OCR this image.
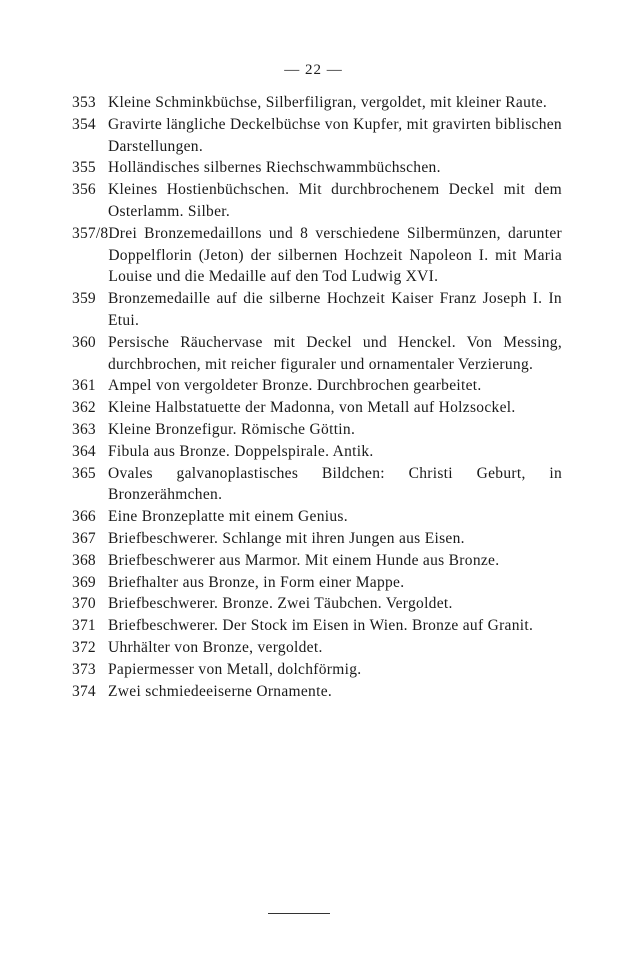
— 22 —
353 Kleine Schminkbüchse, Silberfiligran, vergoldet, mit kleiner Raute.
354 Gravirte längliche Deckelbüchse von Kupfer, mit gravirten biblischen Darstellungen.
355 Holländisches silbernes Riechschwammbüchschen.
356 Kleines Hostienbüchschen. Mit durchbrochenem Deckel mit dem Osterlamm. Silber.
357/8 Drei Bronzemedaillons und 8 verschiedene Silbermünzen, darunter Doppelflorin (Jeton) der silbernen Hochzeit Napoleon I. mit Maria Louise und die Medaille auf den Tod Ludwig XVI.
359 Bronzemedaille auf die silberne Hochzeit Kaiser Franz Joseph I. In Etui.
360 Persische Räuchervase mit Deckel und Henckel. Von Messing, durchbrochen, mit reicher figuraler und ornamentaler Verzierung.
361 Ampel von vergoldeter Bronze. Durchbrochen gearbeitet.
362 Kleine Halbstatuette der Madonna, von Metall auf Holzsockel.
363 Kleine Bronzefigur. Römische Göttin.
364 Fibula aus Bronze. Doppelspirale. Antik.
365 Ovales galvanoplastisches Bildchen: Christi Geburt, in Bronzerähmchen.
366 Eine Bronzeplatte mit einem Genius.
367 Briefbeschwerer. Schlange mit ihren Jungen aus Eisen.
368 Briefbeschwerer aus Marmor. Mit einem Hunde aus Bronze.
369 Briefhalter aus Bronze, in Form einer Mappe.
370 Briefbeschwerer. Bronze. Zwei Täubchen. Vergoldet.
371 Briefbeschwerer. Der Stock im Eisen in Wien. Bronze auf Granit.
372 Uhrhälter von Bronze, vergoldet.
373 Papiermesser von Metall, dolchförmig.
374 Zwei schmiedeeiserne Ornamente.
